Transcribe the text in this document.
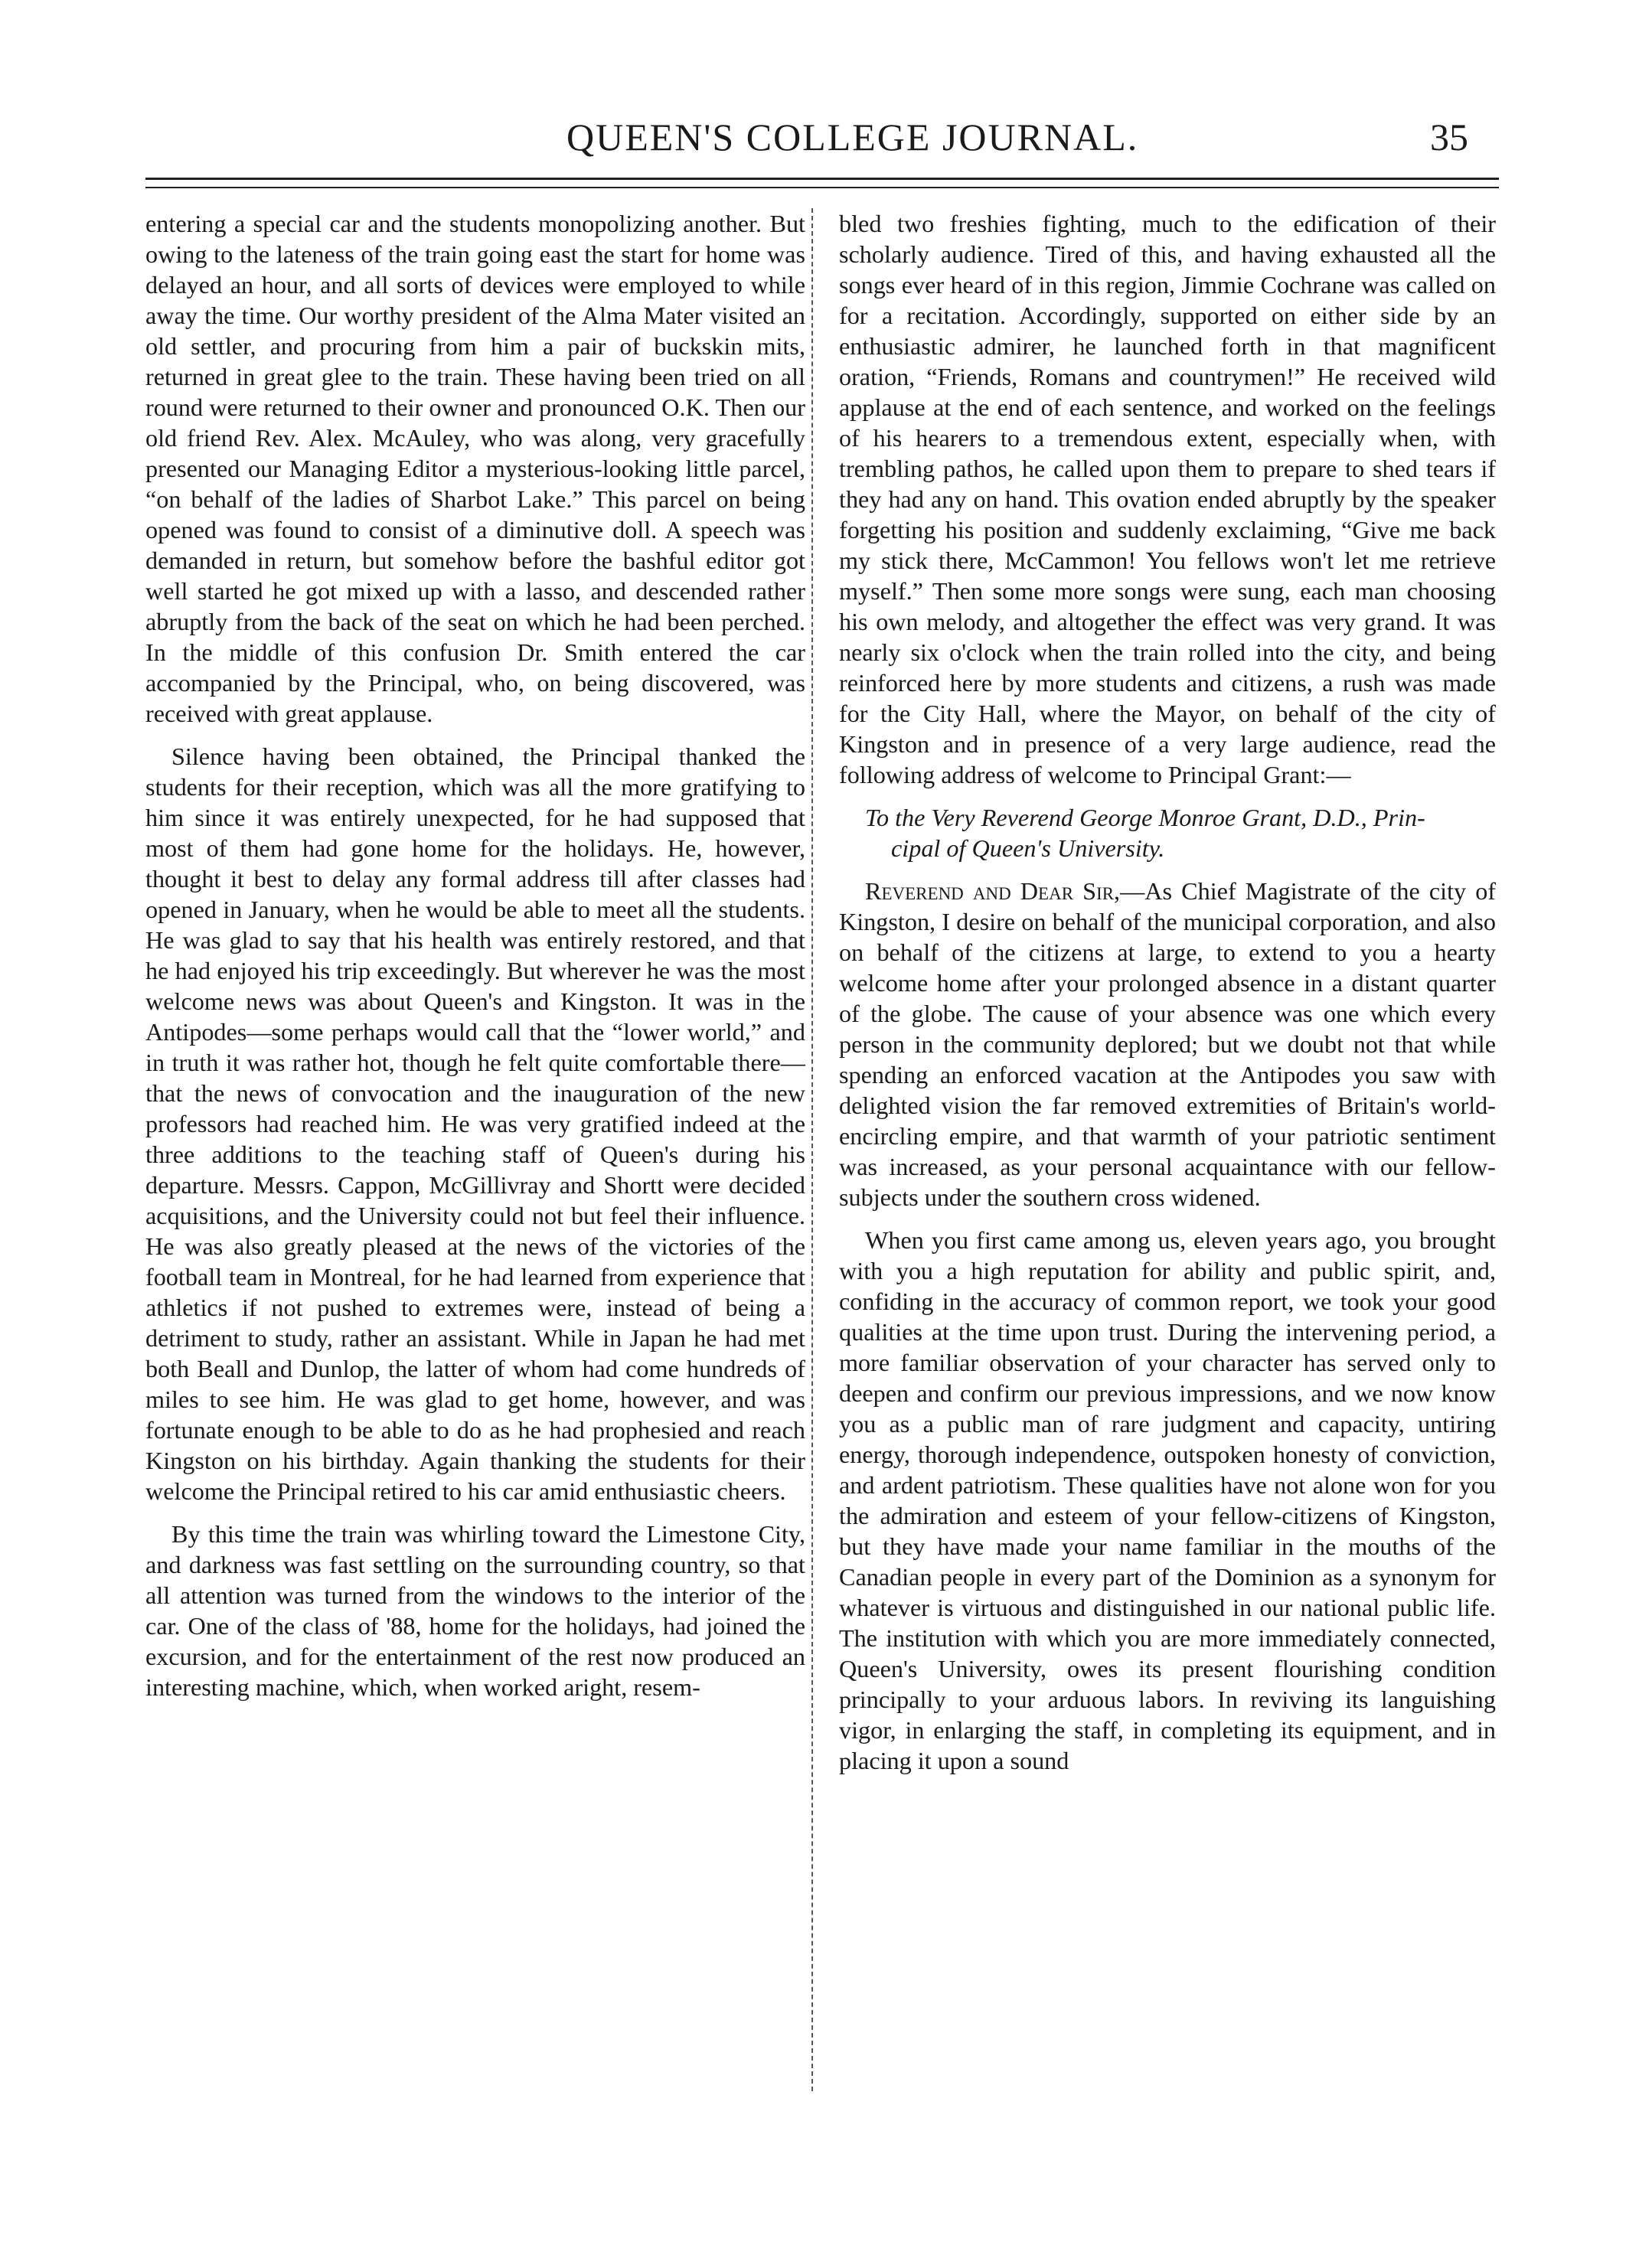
QUEEN'S COLLEGE JOURNAL.	35

entering a special car and the students monopolizing another. But owing to the lateness of the train going east the start for home was delayed an hour, and all sorts of devices were employed to while away the time. Our worthy president of the Alma Mater visited an old settler, and procuring from him a pair of buckskin mits, returned in great glee to the train. These having been tried on all round were returned to their owner and pronounced O.K. Then our old friend Rev. Alex. McAuley, who was along, very gracefully presented our Managing Editor a mysterious-looking little parcel, “on behalf of the ladies of Sharbot Lake.” This parcel on being opened was found to consist of a diminutive doll. A speech was demanded in return, but somehow before the bashful editor got well started he got mixed up with a lasso, and descended rather abruptly from the back of the seat on which he had been perched. In the middle of this confusion Dr. Smith entered the car accompanied by the Principal, who, on being discovered, was received with great applause.

Silence having been obtained, the Principal thanked the students for their reception, which was all the more gratifying to him since it was entirely unexpected, for he had supposed that most of them had gone home for the holidays. He, however, thought it best to delay any formal address till after classes had opened in January, when he would be able to meet all the students. He was glad to say that his health was entirely restored, and that he had enjoyed his trip exceedingly. But wherever he was the most welcome news was about Queen's and Kingston. It was in the Antipodes—some perhaps would call that the “lower world,” and in truth it was rather hot, though he felt quite comfortable there—that the news of convocation and the inauguration of the new professors had reached him. He was very gratified indeed at the three additions to the teaching staff of Queen's during his departure. Messrs. Cappon, McGillivray and Shortt were decided acquisitions, and the University could not but feel their influence. He was also greatly pleased at the news of the victories of the football team in Montreal, for he had learned from experience that athletics if not pushed to extremes were, instead of being a detriment to study, rather an assistant. While in Japan he had met both Beall and Dunlop, the latter of whom had come hundreds of miles to see him. He was glad to get home, however, and was fortunate enough to be able to do as he had prophesied and reach Kingston on his birthday. Again thanking the students for their welcome the Principal retired to his car amid enthusiastic cheers.

By this time the train was whirling toward the Limestone City, and darkness was fast settling on the surrounding country, so that all attention was turned from the windows to the interior of the car. One of the class of '88, home for the holidays, had joined the excursion, and for the entertainment of the rest now produced an interesting machine, which, when worked aright, resem-

bled two freshies fighting, much to the edification of their scholarly audience. Tired of this, and having exhausted all the songs ever heard of in this region, Jimmie Cochrane was called on for a recitation. Accordingly, supported on either side by an enthusiastic admirer, he launched forth in that magnificent oration, “Friends, Romans and countrymen!” He received wild applause at the end of each sentence, and worked on the feelings of his hearers to a tremendous extent, especially when, with trembling pathos, he called upon them to prepare to shed tears if they had any on hand. This ovation ended abruptly by the speaker forgetting his position and suddenly exclaiming, “Give me back my stick there, McCammon! You fellows won't let me retrieve myself.” Then some more songs were sung, each man choosing his own melody, and altogether the effect was very grand. It was nearly six o'clock when the train rolled into the city, and being reinforced here by more students and citizens, a rush was made for the City Hall, where the Mayor, on behalf of the city of Kingston and in presence of a very large audience, read the following address of welcome to Principal Grant:—

To the Very Reverend George Monroe Grant, D.D., Prin-
cipal of Queen's University.

Reverend and Dear Sir,—As Chief Magistrate of the city of Kingston, I desire on behalf of the municipal corporation, and also on behalf of the citizens at large, to extend to you a hearty welcome home after your prolonged absence in a distant quarter of the globe. The cause of your absence was one which every person in the community deplored; but we doubt not that while spending an enforced vacation at the Antipodes you saw with delighted vision the far removed extremities of Britain's world-encircling empire, and that warmth of your patriotic sentiment was increased, as your personal acquaintance with our fellow-subjects under the southern cross widened.

When you first came among us, eleven years ago, you brought with you a high reputation for ability and public spirit, and, confiding in the accuracy of common report, we took your good qualities at the time upon trust. During the intervening period, a more familiar observation of your character has served only to deepen and confirm our previous impressions, and we now know you as a public man of rare judgment and capacity, untiring energy, thorough independence, outspoken honesty of conviction, and ardent patriotism. These qualities have not alone won for you the admiration and esteem of your fellow-citizens of Kingston, but they have made your name familiar in the mouths of the Canadian people in every part of the Dominion as a synonym for whatever is virtuous and distinguished in our national public life. The institution with which you are more immediately connected, Queen's University, owes its present flourishing condition principally to your arduous labors. In reviving its languishing vigor, in enlarging the staff, in completing its equipment, and in placing it upon a sound
